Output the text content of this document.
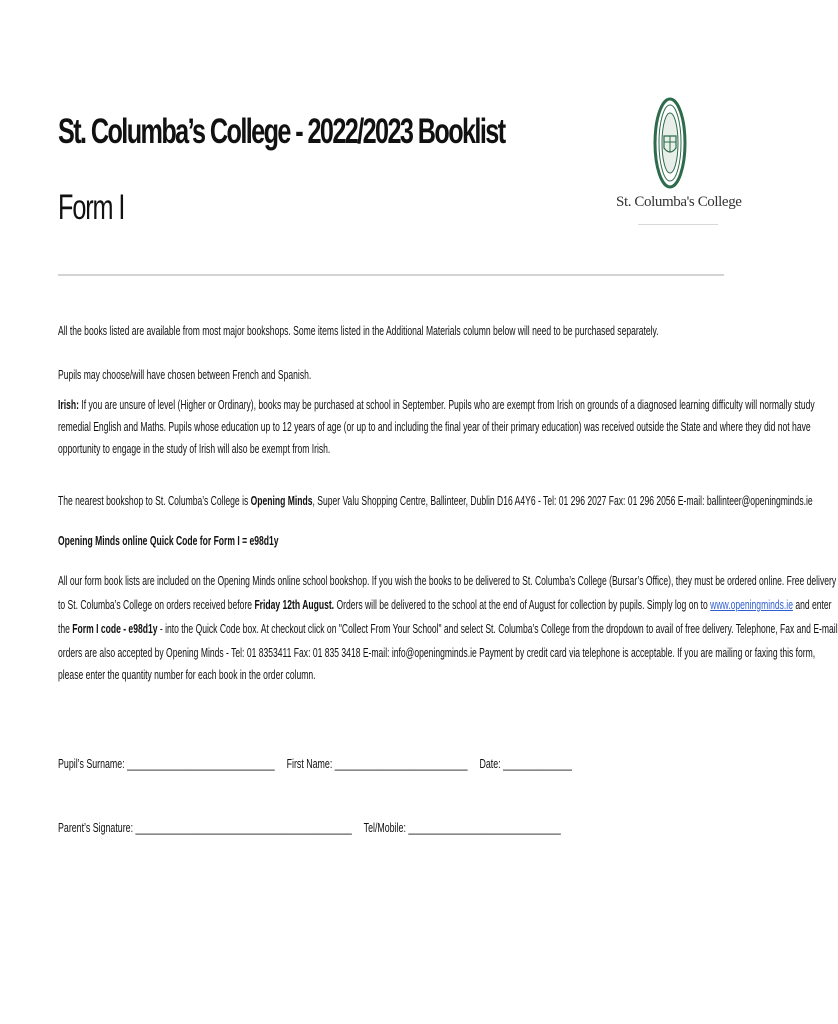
St. Columba’s College - 2022/2023 Booklist
Form I	St. Columba's College
All the books listed are available from most major bookshops. Some items listed in the Additional Materials column below will need to be purchased separately.
Pupils may choose/will have chosen between French and Spanish.
Irish: If you are unsure of level (Higher or Ordinary), books may be purchased at school in September. Pupils who are exempt from Irish on grounds of a diagnosed learning difficulty will normally study
remedial English and Maths. Pupils whose education up to 12 years of age (or up to and including the final year of their primary education) was received outside the State and where they did not have
opportunity to engage in the study of Irish will also be exempt from Irish.
The nearest bookshop to St. Columba’s College is Opening Minds, Super Valu Shopping Centre, Ballinteer, Dublin D16 A4Y6 - Tel: 01 296 2027 Fax: 01 296 2056 E-mail: ballinteer@openingminds.ie
Opening Minds online Quick Code for Form I = e98d1y
All our form book lists are included on the Opening Minds online school bookshop. If you wish the books to be delivered to St. Columba’s College (Bursar’s Office), they must be ordered online. Free delivery
to St. Columba’s College on orders received before Friday 12th August. Orders will be delivered to the school at the end of August for collection by pupils. Simply log on to www.openingminds.ie and enter
the Form I code - e98d1y - into the Quick Code box. At checkout click on "Collect From Your School" and select St. Columba’s College from the dropdown to avail of free delivery. Telephone, Fax and E-mail
orders are also accepted by Opening Minds - Tel: 01 8353411 Fax: 01 835 3418 E-mail: info@openingminds.ie Payment by credit card via telephone is acceptable. If you are mailing or faxing this form,
please enter the quantity number for each book in the order column.
Pupil’s Surname: ______________________________ First Name: ___________________________ Date: ______________
Parent’s Signature: ____________________________________________ Tel/Mobile: _______________________________
